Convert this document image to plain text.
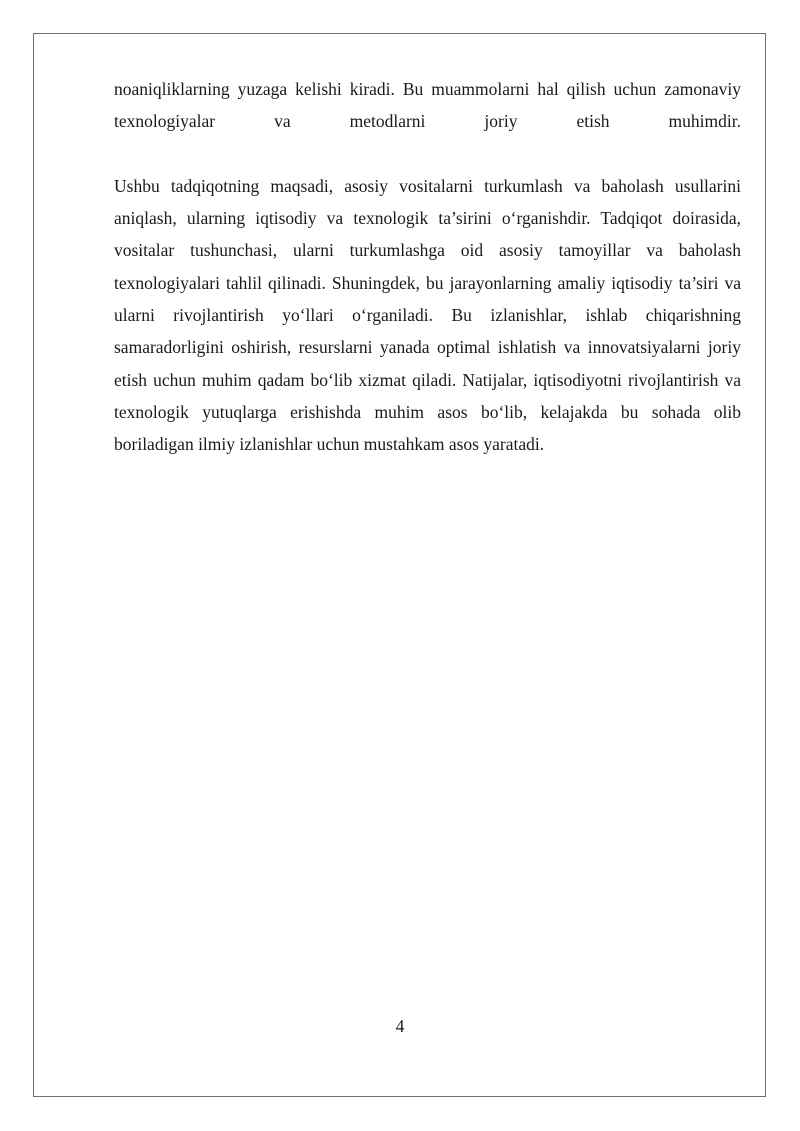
noaniqliklarning yuzaga kelishi kiradi. Bu muammolarni hal qilish uchun zamonaviy texnologiyalar va metodlarni joriy etish muhimdir.

Ushbu tadqiqotning maqsadi, asosiy vositalarni turkumlash va baholash usullarini aniqlash, ularning iqtisodiy va texnologik ta’sirini o‘rganishdir. Tadqiqot doirasida, vositalar tushunchasi, ularni turkumlashga oid asosiy tamoyillar va baholash texnologiyalari tahlil qilinadi. Shuningdek, bu jarayonlarning amaliy iqtisodiy ta’siri va ularni rivojlantirish yo‘llari o‘rganiladi. Bu izlanishlar, ishlab chiqarishning samaradorligini oshirish, resurslarni yanada optimal ishlatish va innovatsiyalarni joriy etish uchun muhim qadam bo‘lib xizmat qiladi. Natijalar, iqtisodiyotni rivojlantirish va texnologik yutuqlarga erishishda muhim asos bo‘lib, kelajakda bu sohada olib boriladigan ilmiy izlanishlar uchun mustahkam asos yaratadi.

4
